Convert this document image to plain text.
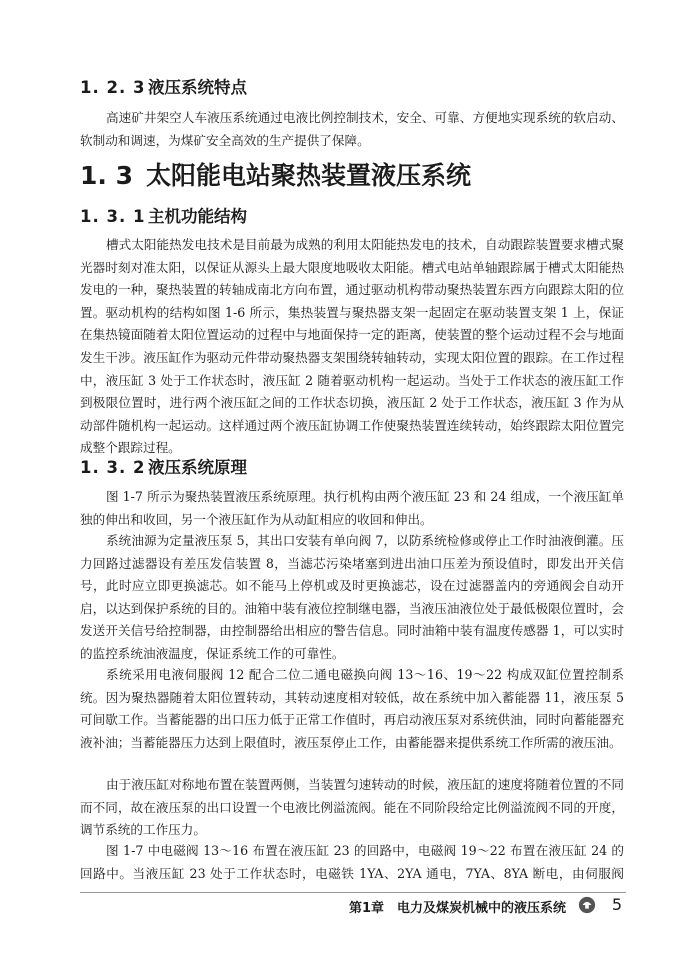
1. 2. 3 液压系统特点

高速矿井架空人车液压系统通过电液比例控制技术，安全、可靠、方便地实现系统的软启动、软制动和调速，为煤矿安全高效的生产提供了保障。

1. 3 太阳能电站聚热装置液压系统
1. 3. 1 主机功能结构

槽式太阳能热发电技术是目前最为成熟的利用太阳能热发电的技术，自动跟踪装置要求槽式聚光器时刻对准太阳，以保证从源头上最大限度地吸收太阳能。槽式电站单轴跟踪属于槽式太阳能热发电的一种，聚热装置的转轴成南北方向布置，通过驱动机构带动聚热装置东西方向跟踪太阳的位置。驱动机构的结构如图 1-6 所示，集热装置与聚热器支架一起固定在驱动装置支架 1 上，保证在集热镜面随着太阳位置运动的过程中与地面保持一定的距离，使装置的整个运动过程不会与地面发生干涉。液压缸作为驱动元件带动聚热器支架围绕转轴转动，实现太阳位置的跟踪。在工作过程中，液压缸 3 处于工作状态时，液压缸 2 随着驱动机构一起运动。当处于工作状态的液压缸工作到极限位置时，进行两个液压缸之间的工作状态切换，液压缸 2 处于工作状态，液压缸 3 作为从动部件随机构一起运动。这样通过两个液压缸协调工作使聚热装置连续转动，始终跟踪太阳位置完成整个跟踪过程。

1. 3. 2 液压系统原理

图 1-7 所示为聚热装置液压系统原理。执行机构由两个液压缸 23 和 24 组成，一个液压缸单独的伸出和收回，另一个液压缸作为从动缸相应的收回和伸出。

系统油源为定量液压泵 5，其出口安装有单向阀 7，以防系统检修或停止工作时油液倒灌。压力回路过滤器设有差压发信装置 8，当滤芯污染堵塞到进出油口压差为预设值时，即发出开关信号，此时应立即更换滤芯。如不能马上停机或及时更换滤芯，设在过滤器盖内的旁通阀会自动开启，以达到保护系统的目的。油箱中装有液位控制继电器，当液压油液位处于最低极限位置时，会发送开关信号给控制器，由控制器给出相应的警告信息。同时油箱中装有温度传感器 1，可以实时的监控系统油液温度，保证系统工作的可靠性。

系统采用电液伺服阀 12 配合二位二通电磁换向阀 13～16、19～22 构成双缸位置控制系统。因为聚热器随着太阳位置转动，其转动速度相对较低，故在系统中加入蓄能器 11，液压泵 5 可间歇工作。当蓄能器的出口压力低于正常工作值时，再启动液压泵对系统供油，同时向蓄能器充液补油；当蓄能器压力达到上限值时，液压泵停止工作，由蓄能器来提供系统工作所需的液压油。

由于液压缸对称地布置在装置两侧，当装置匀速转动的时候，液压缸的速度将随着位置的不同而不同，故在液压泵的出口设置一个电液比例溢流阀。能在不同阶段给定比例溢流阀不同的开度，调节系统的工作压力。

图 1-7 中电磁阀 13～16 布置在液压缸 23 的回路中，电磁阀 19～22 布置在液压缸 24 的回路中。当液压缸 23 处于工作状态时，电磁铁 1YA、2YA 通电，7YA、8YA 断电，由伺服阀

第1章　电力及煤炭机械中的液压系统	5
